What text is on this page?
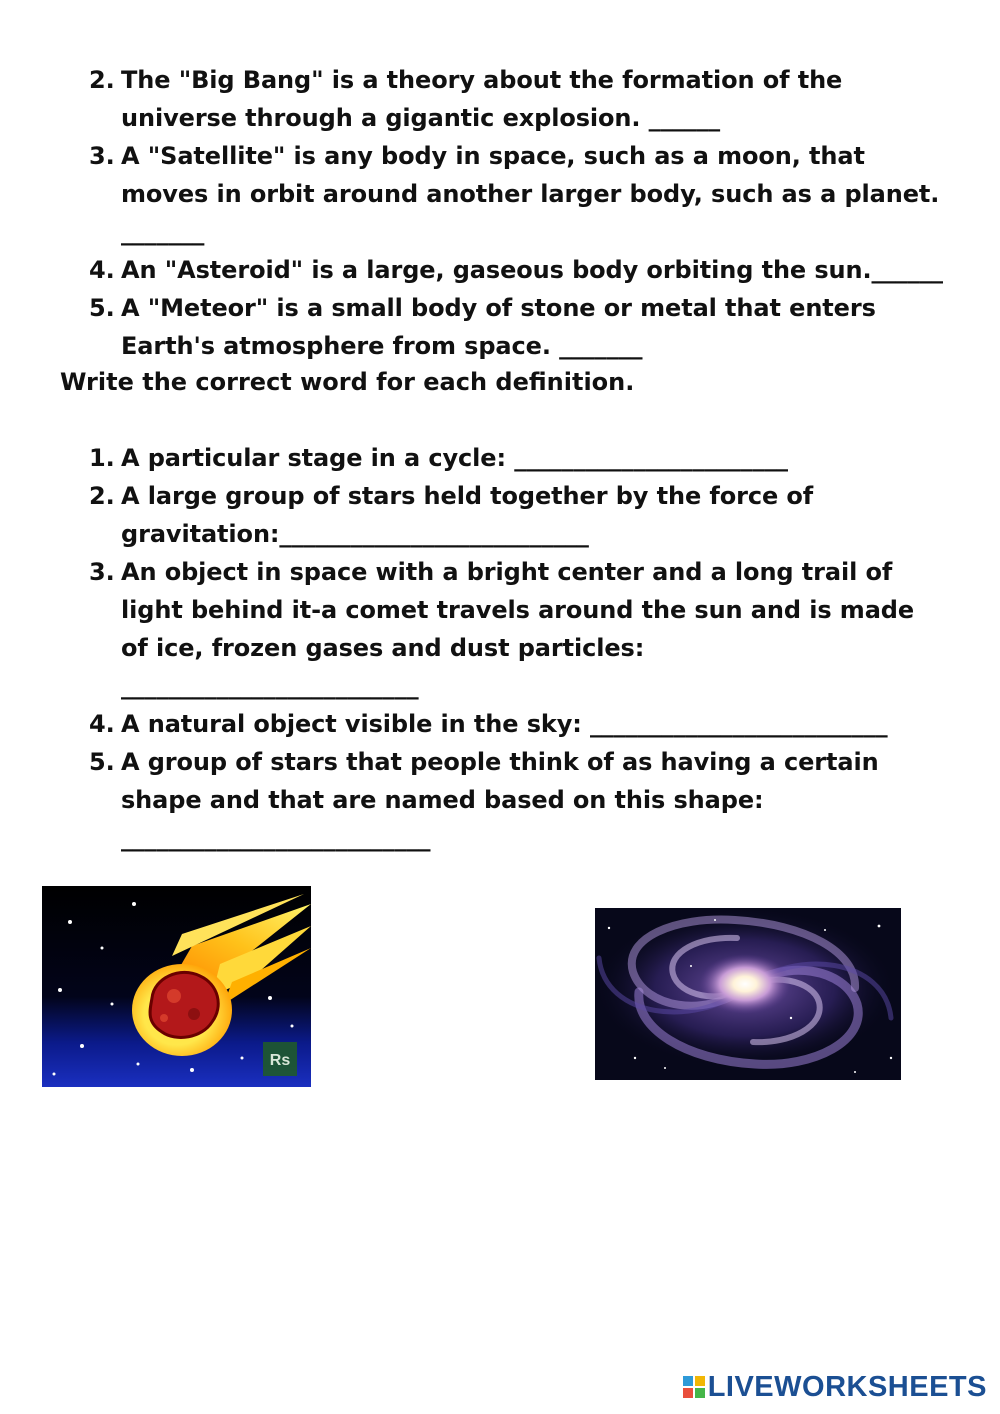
2. The "Big Bang" is a theory about the formation of the universe through a gigantic explosion. ______
3. A "Satellite" is any body in space, such as a moon, that moves in orbit around another larger body, such as a planet. _______
4. An "Asteroid" is a large, gaseous body orbiting the sun.______
5. A "Meteor" is a small body of stone or metal that enters Earth's atmosphere from space. _______
Write the correct word for each definition.
1. A particular stage in a cycle: _______________________
2. A large group of stars held together by the force of gravitation:__________________________
3. An object in space with a bright center and a long trail of light behind it-a comet travels around the sun and is made of ice, frozen gases and dust particles: _________________________
4. A natural object visible in the sky: _________________________
5. A group of stars that people think of as having a certain shape and that are named based on this shape: __________________________
Rs
LIVEWORKSHEETS
